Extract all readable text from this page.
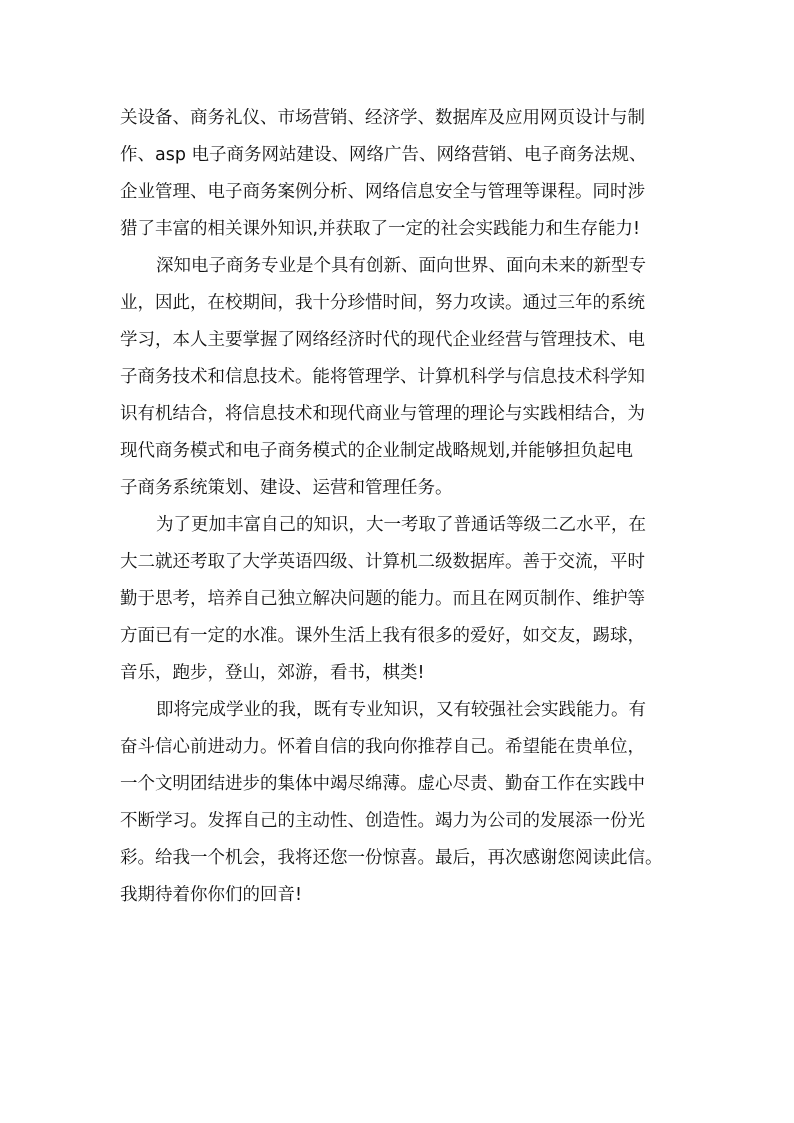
关设备、商务礼仪、市场营销、经济学、数据库及应用网页设计与制
作、asp 电子商务网站建设、网络广告、网络营销、电子商务法规、
企业管理、电子商务案例分析、网络信息安全与管理等课程。同时涉
猎了丰富的相关课外知识,并获取了一定的社会实践能力和生存能力!
深知电子商务专业是个具有创新、面向世界、面向未来的新型专
业，因此，在校期间，我十分珍惜时间，努力攻读。通过三年的系统
学习，本人主要掌握了网络经济时代的现代企业经营与管理技术、电
子商务技术和信息技术。能将管理学、计算机科学与信息技术科学知
识有机结合，将信息技术和现代商业与管理的理论与实践相结合，为
现代商务模式和电子商务模式的企业制定战略规划,并能够担负起电
子商务系统策划、建设、运营和管理任务。
为了更加丰富自己的知识，大一考取了普通话等级二乙水平，在
大二就还考取了大学英语四级、计算机二级数据库。善于交流，平时
勤于思考，培养自己独立解决问题的能力。而且在网页制作、维护等
方面已有一定的水准。课外生活上我有很多的爱好，如交友，踢球，
音乐，跑步，登山，郊游，看书，棋类!
即将完成学业的我，既有专业知识，又有较强社会实践能力。有
奋斗信心前进动力。怀着自信的我向你推荐自己。希望能在贵单位，
一个文明团结进步的集体中竭尽绵薄。虚心尽责、勤奋工作在实践中
不断学习。发挥自己的主动性、创造性。竭力为公司的发展添一份光
彩。给我一个机会，我将还您一份惊喜。最后，再次感谢您阅读此信。
我期待着你你们的回音!
